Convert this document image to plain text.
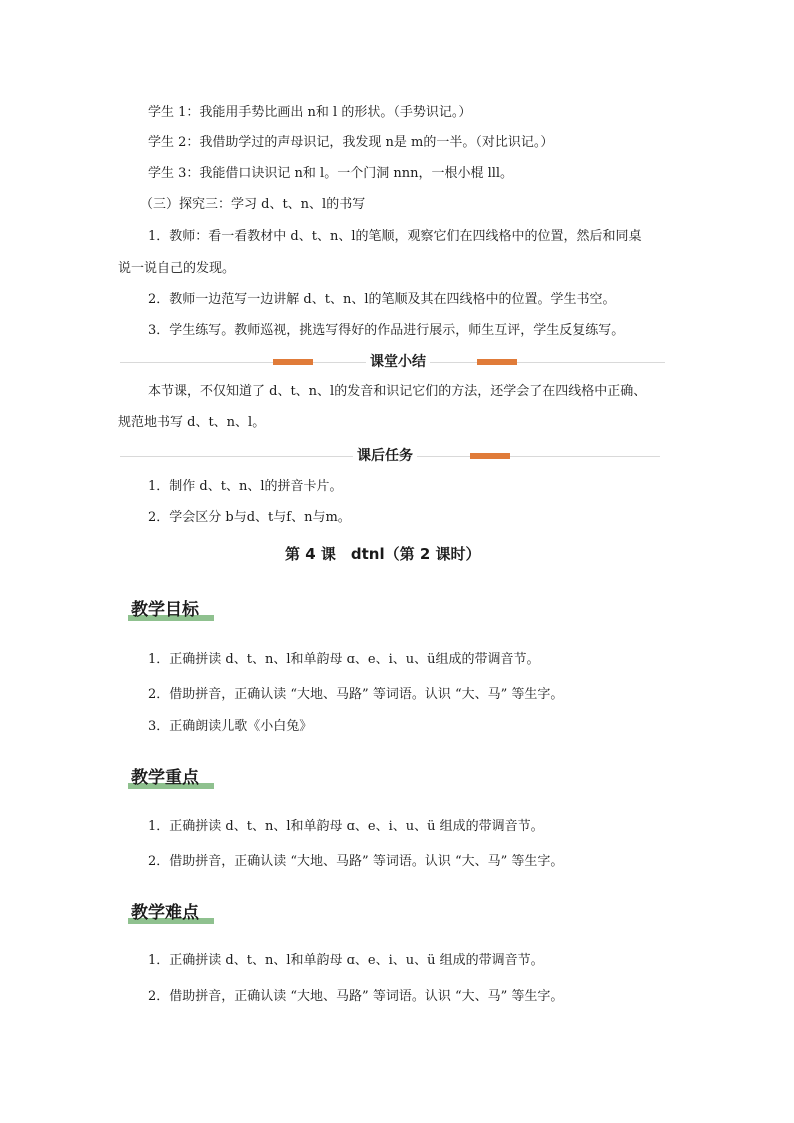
学生 1：我能用手势比画出 n和 l 的形状。（手势识记。）
学生 2：我借助学过的声母识记，我发现 n是 m的一半。（对比识记。）
学生 3：我能借口诀识记 n和 l。一个门洞 nnn，一根小棍 lll。
（三）探究三：学习 d、t、n、l的书写
1．教师：看一看教材中 d、t、n、l的笔顺，观察它们在四线格中的位置，然后和同桌
说一说自己的发现。
2．教师一边范写一边讲解 d、t、n、l的笔顺及其在四线格中的位置。学生书空。
3．学生练写。教师巡视，挑选写得好的作品进行展示，师生互评，学生反复练写。
课堂小结
本节课，不仅知道了 d、t、n、l的发音和识记它们的方法，还学会了在四线格中正确、
规范地书写 d、t、n、l。
课后任务
1．制作 d、t、n、l的拼音卡片。
2．学会区分 b与d、t与f、n与m。
第 4 课　dtnl（第 2 课时）
教学目标
1．正确拼读 d、t、n、l和单韵母 ɑ、e、i、u、ü组成的带调音节。
2．借助拼音，正确认读 “大地、马路” 等词语。认识 “大、马” 等生字。
3．正确朗读儿歌《小白兔》
教学重点
1．正确拼读 d、t、n、l和单韵母 ɑ、e、i、u、ü 组成的带调音节。
2．借助拼音，正确认读 “大地、马路” 等词语。认识 “大、马” 等生字。
教学难点
1．正确拼读 d、t、n、l和单韵母 ɑ、e、i、u、ü 组成的带调音节。
2．借助拼音，正确认读 “大地、马路” 等词语。认识 “大、马” 等生字。
